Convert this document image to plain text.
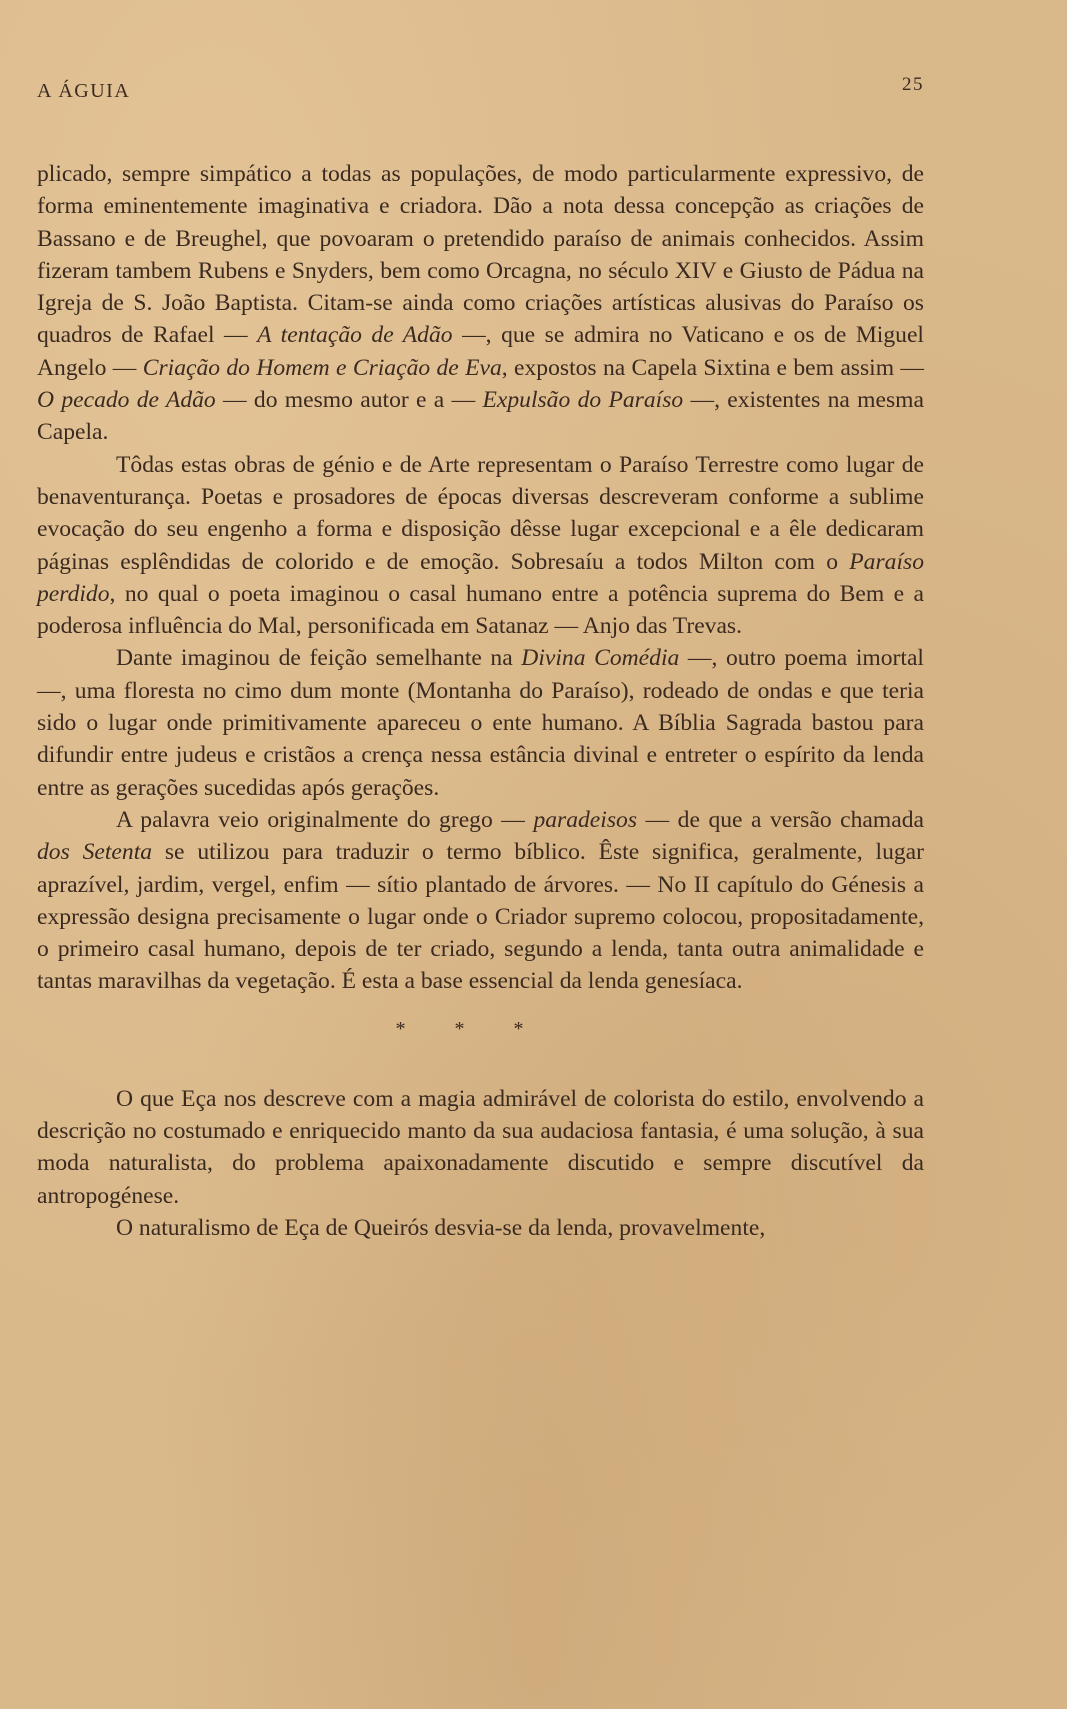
A ÁGUIA	25

plicado, sempre simpático a todas as populações, de modo particularmente expressivo, de forma eminentemente imaginativa e criadora. Dão a nota dessa concepção as criações de Bassano e de Breughel, que povoaram o pretendido paraíso de animais conhecidos. Assim fizeram tambem Rubens e Snyders, bem como Orcagna, no século XIV e Giusto de Pádua na Igreja de S. João Baptista. Citam-se ainda como criações artísticas alusivas do Paraíso os quadros de Rafael — A tentação de Adão —, que se admira no Vaticano e os de Miguel Angelo — Criação do Homem e Criação de Eva, expostos na Capela Sixtina e bem assim — O pecado de Adão — do mesmo autor e a — Expulsão do Paraíso —, existentes na mesma Capela.

Tôdas estas obras de génio e de Arte representam o Paraíso Terrestre como lugar de benaventurança. Poetas e prosadores de épocas diversas descreveram conforme a sublime evocação do seu engenho a forma e disposição dêsse lugar excepcional e a êle dedicaram páginas esplêndidas de colorido e de emoção. Sobresaíu a todos Milton com o Paraíso perdido, no qual o poeta imaginou o casal humano entre a potência suprema do Bem e a poderosa influência do Mal, personificada em Satanaz — Anjo das Trevas.

Dante imaginou de feição semelhante na Divina Comédia —, outro poema imortal —, uma floresta no cimo dum monte (Montanha do Paraíso), rodeado de ondas e que teria sido o lugar onde primitivamente apareceu o ente humano. A Bíblia Sagrada bastou para difundir entre judeus e cristãos a crença nessa estância divinal e entreter o espírito da lenda entre as gerações sucedidas após gerações.

A palavra veio originalmente do grego — paradeisos — de que a versão chamada dos Setenta se utilizou para traduzir o termo bíblico. Êste significa, geralmente, lugar aprazível, jardim, vergel, enfim — sítio plantado de árvores. — No II capítulo do Génesis a expressão designa precisamente o lugar onde o Criador supremo colocou, propositadamente, o primeiro casal humano, depois de ter criado, segundo a lenda, tanta outra animalidade e tantas maravilhas da vegetação. É esta a base essencial da lenda genesíaca.

* * *

O que Eça nos descreve com a magia admirável de colorista do estilo, envolvendo a descrição no costumado e enriquecido manto da sua audaciosa fantasia, é uma solução, à sua moda naturalista, do problema apaixonadamente discutido e sempre discutível da antropogénese.

O naturalismo de Eça de Queirós desvia-se da lenda, provavelmente,
